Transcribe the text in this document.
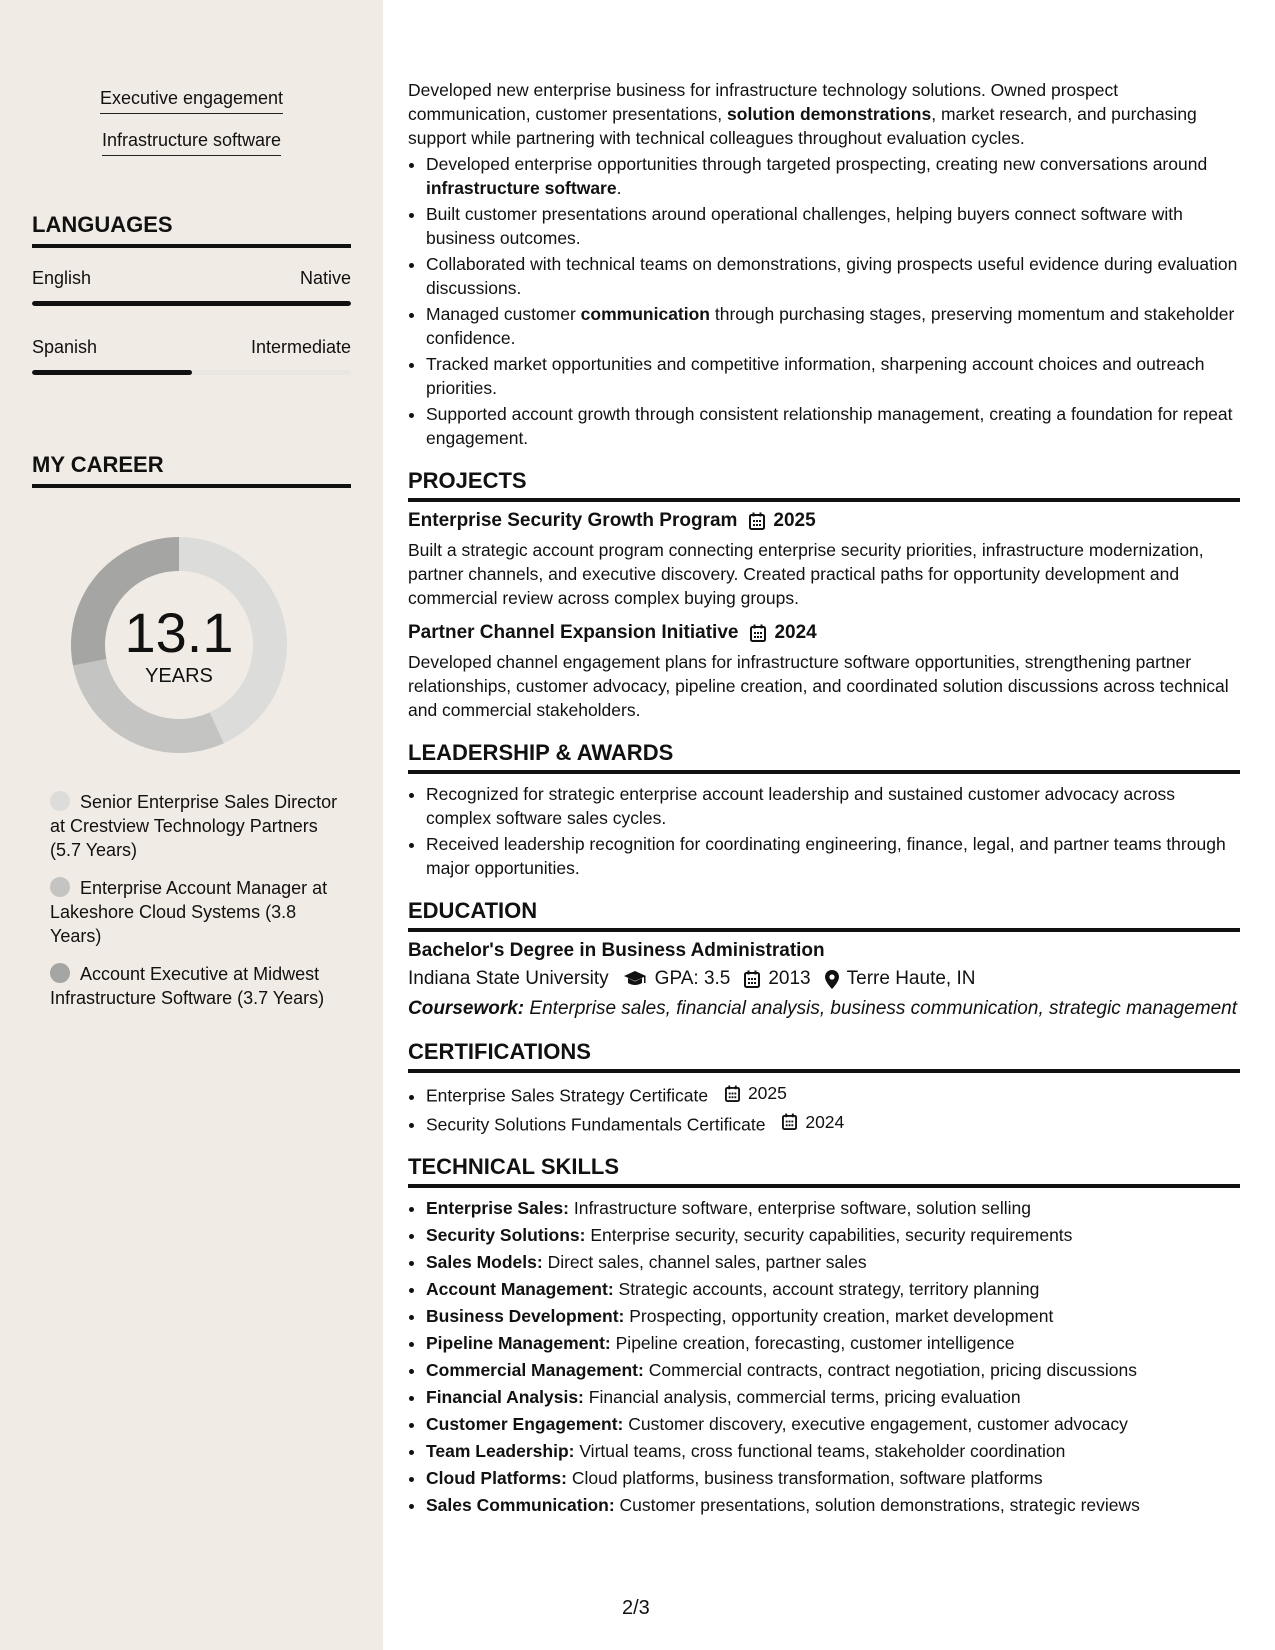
Executive engagement
Infrastructure software
LANGUAGES
English	Native
Spanish	Intermediate
MY CAREER
13.1
YEARS
Senior Enterprise Sales Director at Crestview Technology Partners (5.7 Years)
Enterprise Account Manager at Lakeshore Cloud Systems (3.8 Years)
Account Executive at Midwest Infrastructure Software (3.7 Years)

Developed new enterprise business for infrastructure technology solutions. Owned prospect communication, customer presentations, solution demonstrations, market research, and purchasing support while partnering with technical colleagues throughout evaluation cycles.

• Developed enterprise opportunities through targeted prospecting, creating new conversations around infrastructure software.
• Built customer presentations around operational challenges, helping buyers connect software with business outcomes.
• Collaborated with technical teams on demonstrations, giving prospects useful evidence during evaluation discussions.
• Managed customer communication through purchasing stages, preserving momentum and stakeholder confidence.
• Tracked market opportunities and competitive information, sharpening account choices and outreach priorities.
• Supported account growth through consistent relationship management, creating a foundation for repeat engagement.
PROJECTS
Enterprise Security Growth Program 2025

Built a strategic account program connecting enterprise security priorities, infrastructure modernization, partner channels, and executive discovery. Created practical paths for opportunity development and commercial review across complex buying groups.

Partner Channel Expansion Initiative 2024

Developed channel engagement plans for infrastructure software opportunities, strengthening partner relationships, customer advocacy, pipeline creation, and coordinated solution discussions across technical and commercial stakeholders.

LEADERSHIP & AWARDS
• Recognized for strategic enterprise account leadership and sustained customer advocacy across complex software sales cycles.
• Received leadership recognition for coordinating engineering, finance, legal, and partner teams through major opportunities.
EDUCATION
Bachelor's Degree in Business Administration
Indiana State University GPA: 3.5 2013 Terre Haute, IN

Coursework: Enterprise sales, financial analysis, business communication, strategic management

CERTIFICATIONS
• Enterprise Sales Strategy Certificate 2025
• Security Solutions Fundamentals Certificate 2024
TECHNICAL SKILLS
• Enterprise Sales: Infrastructure software, enterprise software, solution selling
• Security Solutions: Enterprise security, security capabilities, security requirements
• Sales Models: Direct sales, channel sales, partner sales
• Account Management: Strategic accounts, account strategy, territory planning
• Business Development: Prospecting, opportunity creation, market development
• Pipeline Management: Pipeline creation, forecasting, customer intelligence
• Commercial Management: Commercial contracts, contract negotiation, pricing discussions
• Financial Analysis: Financial analysis, commercial terms, pricing evaluation
• Customer Engagement: Customer discovery, executive engagement, customer advocacy
• Team Leadership: Virtual teams, cross functional teams, stakeholder coordination
• Cloud Platforms: Cloud platforms, business transformation, software platforms
• Sales Communication: Customer presentations, solution demonstrations, strategic reviews
2/3
